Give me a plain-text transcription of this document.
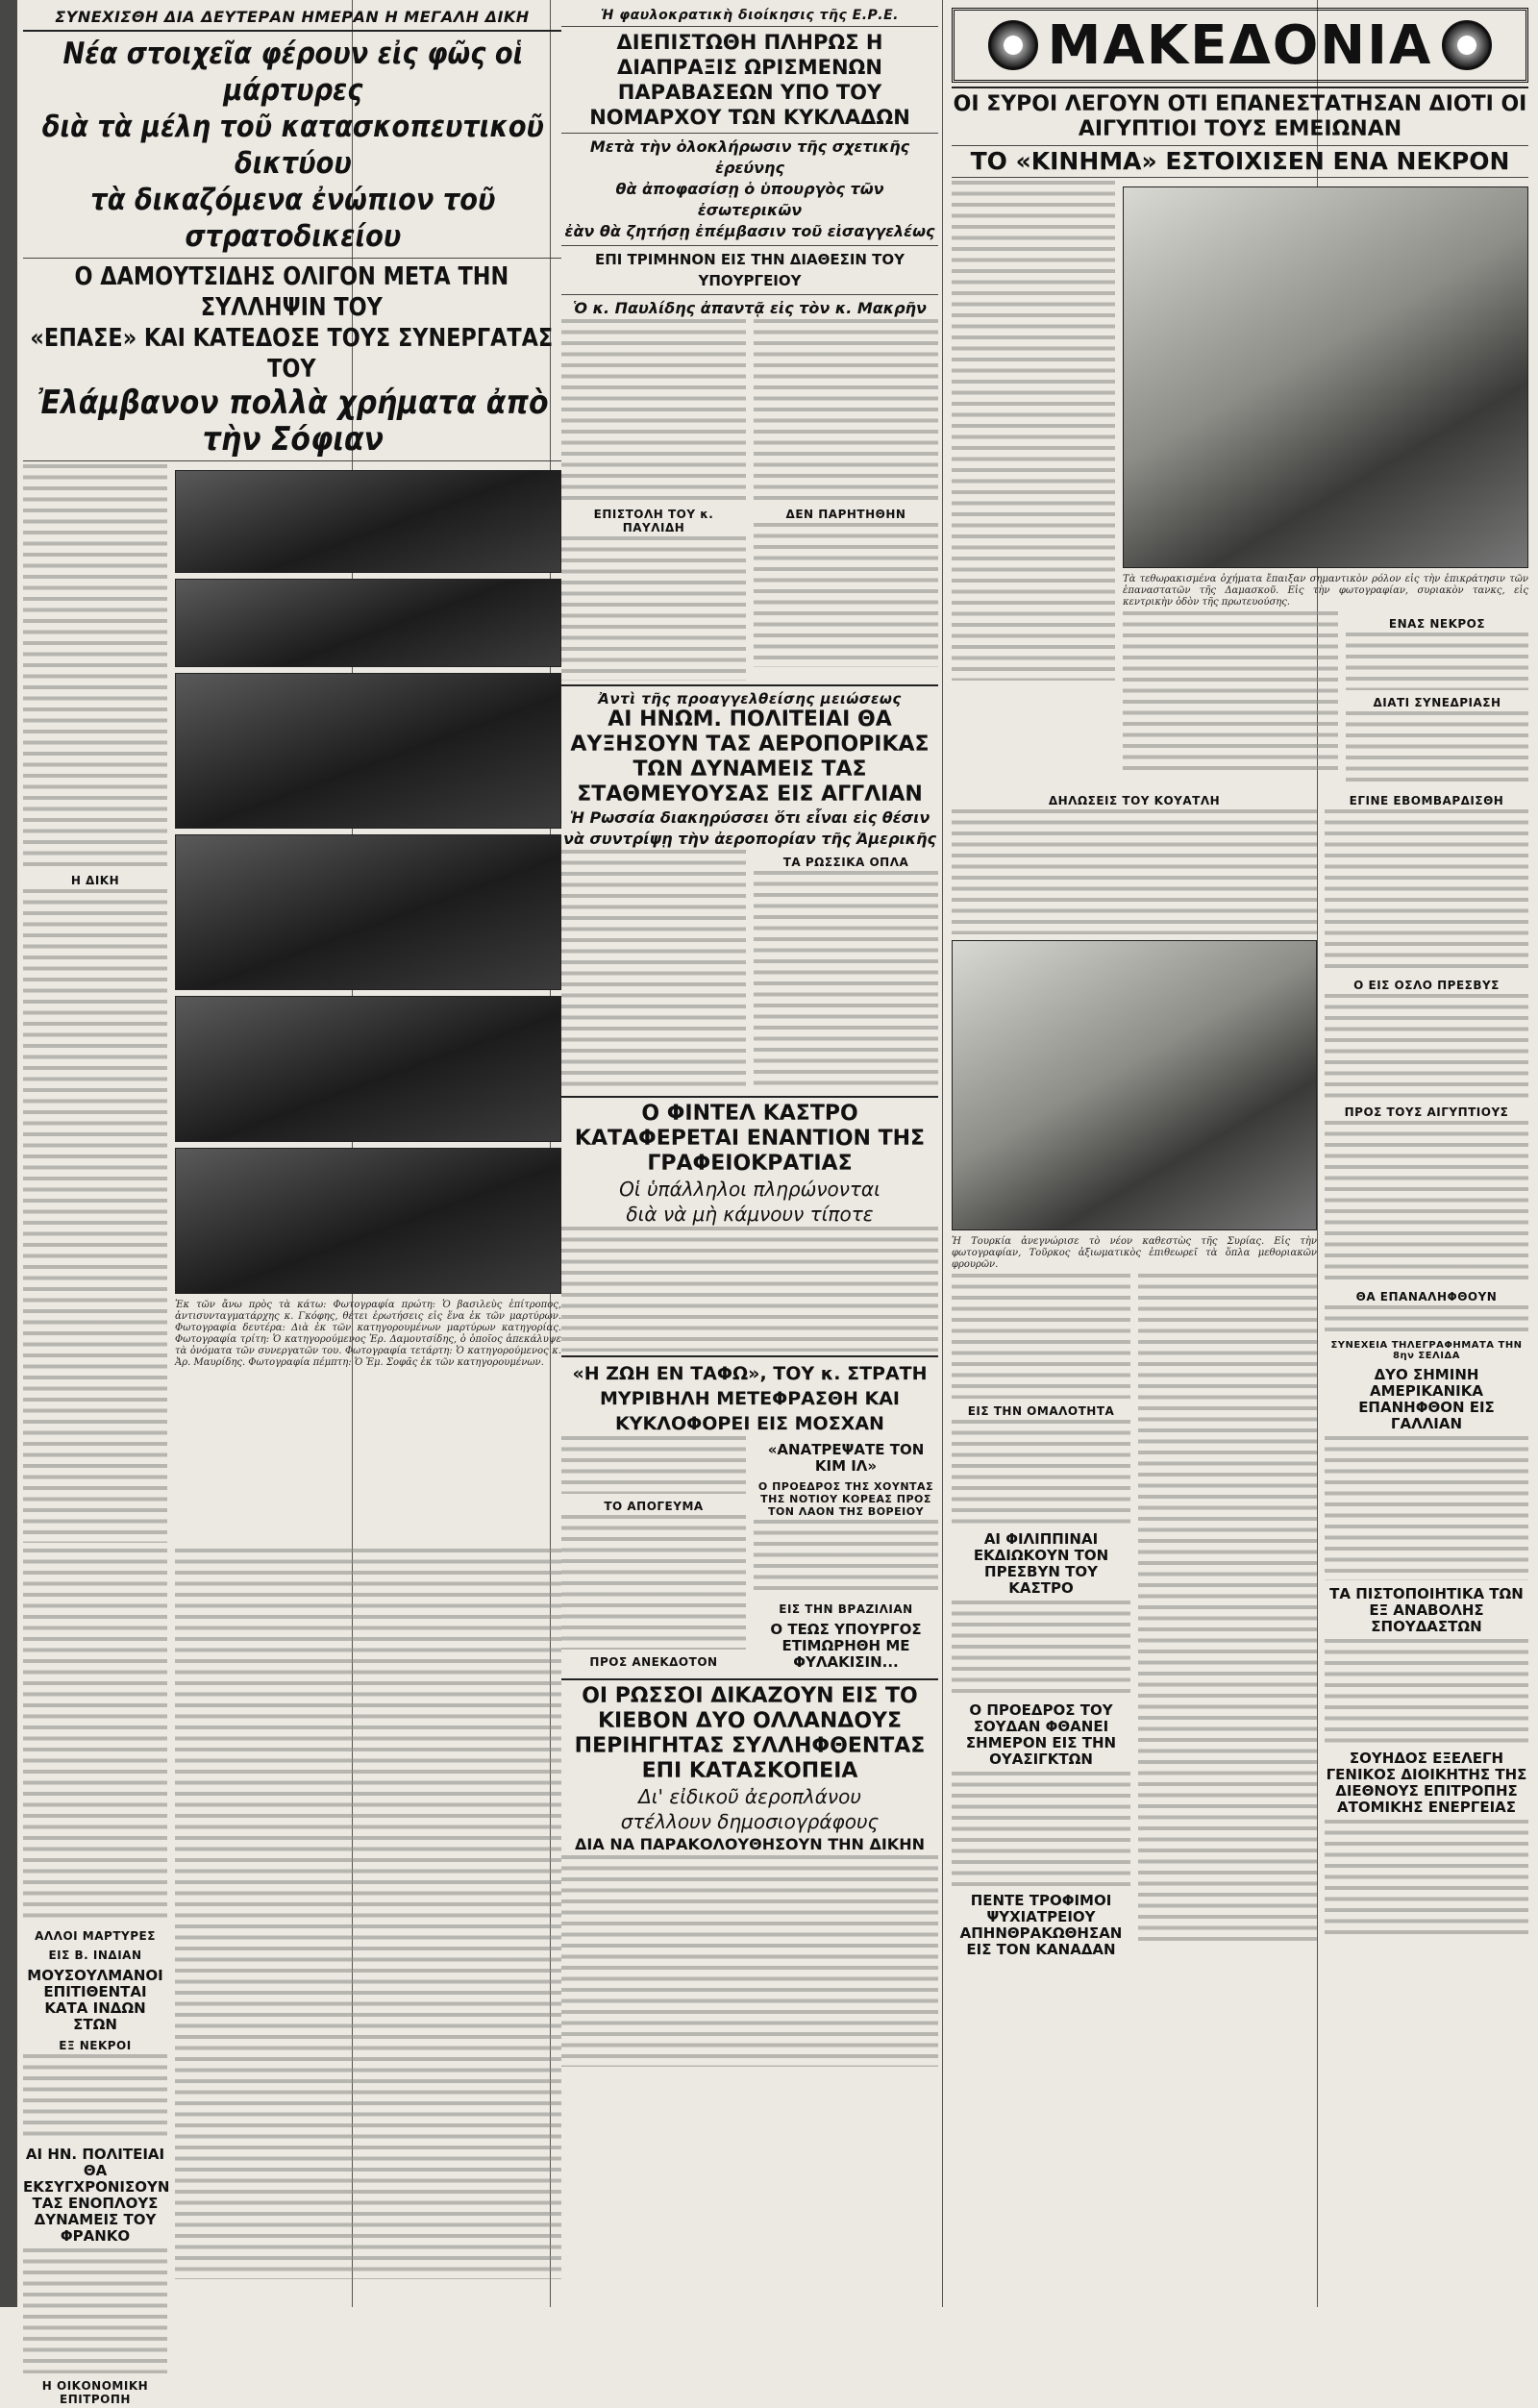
ΣΥΝΕΧΙΣΘΗ ΔΙΑ ΔΕΥΤΕΡΑΝ ΗΜΕΡΑΝ Η ΜΕΓΑΛΗ ΔΙΚΗ
Νέα στοιχεῖα φέρουν εἰς φῶς οἱ μάρτυρες
διὰ τὰ μέλη τοῦ κατασκοπευτικοῦ δικτύου
τὰ δικαζόμενα ἐνώπιον τοῦ στρατοδικείου
Ο ΔΑΜΟΥΤΣΙΔΗΣ ΟΛΙΓΟΝ ΜΕΤΑ ΤΗΝ ΣΥΛΛΗΨΙΝ ΤΟΥ
«ΕΠΑΣΕ» ΚΑΙ ΚΑΤΕΔΟΣΕ ΤΟΥΣ ΣΥΝΕΡΓΑΤΑΣ ΤΟΥ
Ἐλάμβανον πολλὰ χρήματα ἀπὸ τὴν Σόφιαν
Η ΔΙΚΗ
Ἐκ τῶν ἄνω πρὸς τὰ κάτω: Φωτογραφία πρώτη: Ὁ βασιλεὺς ἐπίτροπος, ἀντισυνταγματάρχης κ. Γκόφης, θέτει ἐρωτήσεις εἰς ἕνα ἐκ τῶν μαρτύρων. Φωτογραφία δευτέρα: Διὰ ἐκ τῶν κατηγορουμένων μαρτύρων κατηγορίας. Φωτογραφία τρίτη: Ὁ κατηγορούμενος Ἐρ. Δαμουτσίδης, ὁ ὁποῖος ἀπεκάλυψε τὰ ὀνόματα τῶν συνεργατῶν του. Φωτογραφία τετάρτη: Ὁ κατηγορούμενος κ. Ἀρ. Μαυρίδης. Φωτογραφία πέμπτη: Ὁ Ἐμ. Σοφᾶς ἐκ τῶν κατηγορουμένων.
ΑΛΛΟΙ ΜΑΡΤΥΡΕΣ
ΕΙΣ Β. ΙΝΔΙΑΝ
ΜΟΥΣΟΥΛΜΑΝΟΙ ΕΠΙΤΙΘΕΝΤΑΙ ΚΑΤΑ ΙΝΔΩΝ ΣΤΩΝ
ΕΞ ΝΕΚΡΟΙ
ΑΙ ΗΝ. ΠΟΛΙΤΕΙΑΙ ΘΑ ΕΚΣΥΓΧΡΟΝΙΣΟΥΝ ΤΑΣ ΕΝΟΠΛΟΥΣ ΔΥΝΑΜΕΙΣ ΤΟΥ ΦΡΑΝΚΟ
Η ΟΙΚΟΝΟΜΙΚΗ ΕΠΙΤΡΟΠΗ
Ἡ φαυλοκρατικὴ διοίκησις τῆς Ε.Ρ.Ε.
ΔΙΕΠΙΣΤΩΘΗ ΠΛΗΡΩΣ Η ΔΙΑΠΡΑΞΙΣ ΩΡΙΣΜΕΝΩΝ ΠΑΡΑΒΑΣΕΩΝ ΥΠΟ ΤΟΥ ΝΟΜΑΡΧΟΥ ΤΩΝ ΚΥΚΛΑΔΩΝ
Μετὰ τὴν ὁλοκλήρωσιν τῆς σχετικῆς ἐρεύνης
θὰ ἀποφασίσῃ ὁ ὑπουργὸς τῶν ἐσωτερικῶν
ἐὰν θὰ ζητήσῃ ἐπέμβασιν τοῦ εἰσαγγελέως
ΕΠΙ ΤΡΙΜΗΝΟΝ ΕΙΣ ΤΗΝ ΔΙΑΘΕΣΙΝ ΤΟΥ ΥΠΟΥΡΓΕΙΟΥ
Ὁ κ. Παυλίδης ἀπαντᾷ εἰς τὸν κ. Μακρῆν
ΕΠΙΣΤΟΛΗ ΤΟΥ κ. ΠΑΥΛΙΔΗ
ΔΕΝ ΠΑΡΗΤΗΘΗΝ
Ἀντὶ τῆς προαγγελθείσης μειώσεως
ΑΙ ΗΝΩΜ. ΠΟΛΙΤΕΙΑΙ ΘΑ ΑΥΞΗΣΟΥΝ ΤΑΣ ΑΕΡΟΠΟΡΙΚΑΣ ΤΩΝ ΔΥΝΑΜΕΙΣ ΤΑΣ ΣΤΑΘΜΕΥΟΥΣΑΣ ΕΙΣ ΑΓΓΛΙΑΝ
Ἡ Ρωσσία διακηρύσσει ὅτι εἶναι εἰς θέσιν νὰ συντρίψῃ τὴν ἀεροπορίαν τῆς Ἀμερικῆς
ΤΑ ΡΩΣΣΙΚΑ ΟΠΛΑ
Ο ΦΙΝΤΕΛ ΚΑΣΤΡΟ ΚΑΤΑΦΕΡΕΤΑΙ ΕΝΑΝΤΙΟΝ ΤΗΣ ΓΡΑΦΕΙΟΚΡΑΤΙΑΣ
Οἱ ὑπάλληλοι πληρώνονται
διὰ νὰ μὴ κάμνουν τίποτε
«Η ΖΩΗ ΕΝ ΤΑΦΩ», ΤΟΥ κ. ΣΤΡΑΤΗ ΜΥΡΙΒΗΛΗ ΜΕΤΕΦΡΑΣΘΗ ΚΑΙ ΚΥΚΛΟΦΟΡΕΙ ΕΙΣ ΜΟΣΧΑΝ
ΤΟ ΑΠΟΓΕΥΜΑ
ΠΡΟΣ ΑΝΕΚΔΟΤΟΝ
«ΑΝΑΤΡΕΨΑΤΕ ΤΟΝ ΚΙΜ ΙΛ»
Ο ΠΡΟΕΔΡΟΣ ΤΗΣ ΧΟΥΝΤΑΣ ΤΗΣ ΝΟΤΙΟΥ ΚΟΡΕΑΣ ΠΡΟΣ ΤΟΝ ΛΑΟΝ ΤΗΣ ΒΟΡΕΙΟΥ
ΕΙΣ ΤΗΝ ΒΡΑΖΙΛΙΑΝ
Ο ΤΕΩΣ ΥΠΟΥΡΓΟΣ ΕΤΙΜΩΡΗΘΗ ΜΕ ΦΥΛΑΚΙΣΙΝ...
ΟΙ ΡΩΣΣΟΙ ΔΙΚΑΖΟΥΝ ΕΙΣ ΤΟ ΚΙΕΒΟΝ ΔΥΟ ΟΛΛΑΝΔΟΥΣ ΠΕΡΙΗΓΗΤΑΣ ΣΥΛΛΗΦΘΕΝΤΑΣ ΕΠΙ ΚΑΤΑΣΚΟΠΕΙΑ
Δι' εἰδικοῦ ἀεροπλάνου
στέλλουν δημοσιογράφους
ΔΙΑ ΝΑ ΠΑΡΑΚΟΛΟΥΘΗΣΟΥΝ ΤΗΝ ΔΙΚΗΝ
ΜΑΚΕΔΟΝΙΑ
ΟΙ ΣΥΡΟΙ ΛΕΓΟΥΝ ΟΤΙ ΕΠΑΝΕΣΤΑΤΗΣΑΝ ΔΙΟΤΙ ΟΙ ΑΙΓΥΠΤΙΟΙ ΤΟΥΣ ΕΜΕΙΩΝΑΝ
ΤΟ «ΚΙΝΗΜΑ» ΕΣΤΟΙΧΙΣΕΝ ΕΝΑ ΝΕΚΡΟΝ
Τὰ τεθωρακισμένα ὀχήματα ἔπαιξαν σημαντικὸν ρόλον εἰς τὴν ἐπικράτησιν τῶν ἐπαναστατῶν τῆς Δαμασκοῦ. Εἰς τὴν φωτογραφίαν, συριακὸν τανκς, εἰς κεντρικὴν ὁδὸν τῆς πρωτευούσης.
ΕΝΑΣ ΝΕΚΡΟΣ
ΔΙΑΤΙ ΣΥΝΕΔΡΙΑΣΗ
ΔΗΛΩΣΕΙΣ ΤΟΥ ΚΟΥΑΤΛΗ
Ἡ Τουρκία ἀνεγνώρισε τὸ νέον καθεστὼς τῆς Συρίας. Εἰς τὴν φωτογραφίαν, Τοῦρκος ἀξιωματικὸς ἐπιθεωρεῖ τὰ ὅπλα μεθοριακῶν φρουρῶν.
ΕΙΣ ΤΗΝ ΟΜΑΛΟΤΗΤΑ
ΑΙ ΦΙΛΙΠΠΙΝΑΙ ΕΚΔΙΩΚΟΥΝ ΤΟΝ ΠΡΕΣΒΥΝ ΤΟΥ ΚΑΣΤΡΟ
Ο ΠΡΟΕΔΡΟΣ ΤΟΥ ΣΟΥΔΑΝ ΦΘΑΝΕΙ ΣΗΜΕΡΟΝ ΕΙΣ ΤΗΝ ΟΥΑΣΙΓΚΤΩΝ
ΠΕΝΤΕ ΤΡΟΦΙΜΟΙ ΨΥΧΙΑΤΡΕΙΟΥ ΑΠΗΝΘΡΑΚΩΘΗΣΑΝ ΕΙΣ ΤΟΝ ΚΑΝΑΔΑΝ
ΕΓΙΝΕ ΕΒΟΜΒΑΡΔΙΣΘΗ
Ο ΕΙΣ ΟΣΛΟ ΠΡΕΣΒΥΣ
ΠΡΟΣ ΤΟΥΣ ΑΙΓΥΠΤΙΟΥΣ
ΘΑ ΕΠΑΝΑΛΗΦΘΟΥΝ
ΣΥΝΕΧΕΙΑ ΤΗΛΕΓΡΑΦΗΜΑΤΑ ΤΗΝ 8ην ΣΕΛΙΔΑ
ΔΥΟ ΣΗΜΙΝΗ ΑΜΕΡΙΚΑΝΙΚΑ ΕΠΑΝΗΦΘΟΝ ΕΙΣ ΓΑΛΛΙΑΝ
ΤΑ ΠΙΣΤΟΠΟΙΗΤΙΚΑ ΤΩΝ ΕΞ ΑΝΑΒΟΛΗΣ ΣΠΟΥΔΑΣΤΩΝ
ΣΟΥΗΔΟΣ ΕΞΕΛΕΓΗ ΓΕΝΙΚΟΣ ΔΙΟΙΚΗΤΗΣ ΤΗΣ ΔΙΕΘΝΟΥΣ ΕΠΙΤΡΟΠΗΣ ΑΤΟΜΙΚΗΣ ΕΝΕΡΓΕΙΑΣ
